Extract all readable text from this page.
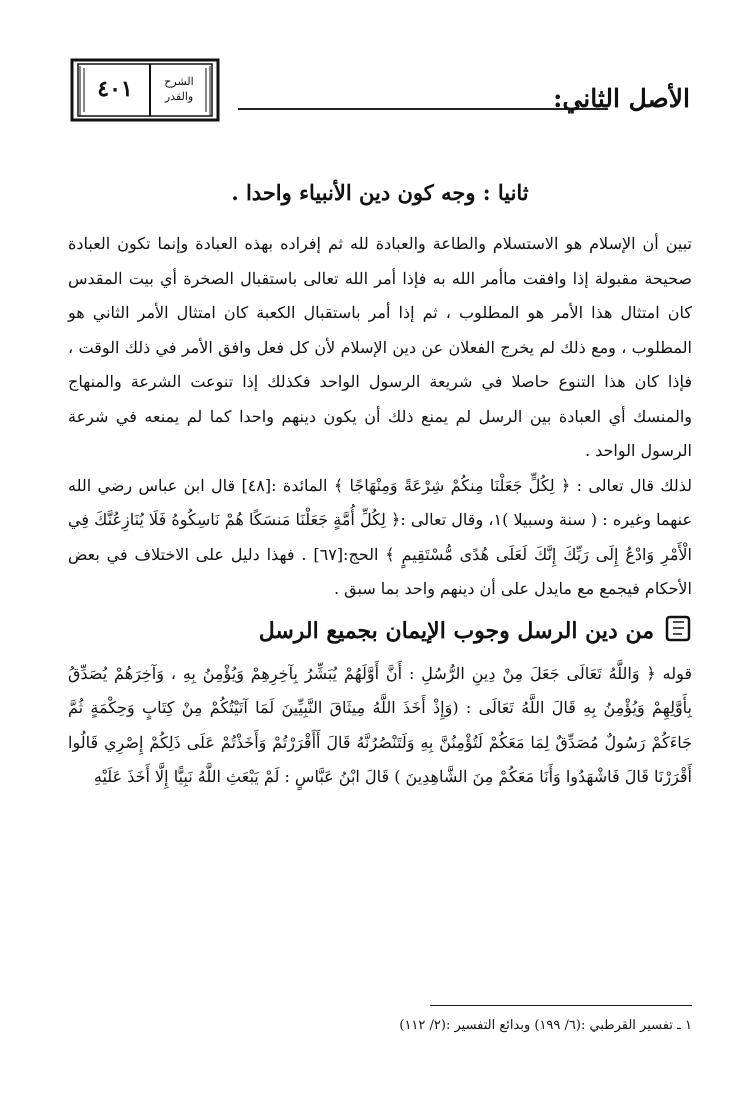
٤٠١	الشرح
والقدر	الأصل الثاني:
ثانيا : وجه كون دين الأنبياء واحدا .

تبين أن الإسلام هو الاستسلام والطاعة والعبادة لله ثم إفراده بهذه العبادة وإنما تكون العبادة صحيحة مقبولة إذا وافقت ماأمر الله به فإذا أمر الله تعالى باستقبال الصخرة أي بيت المقدس كان امتثال هذا الأمر هو المطلوب ، ثم إذا أمر باستقبال الكعبة كان امتثال الأمر الثاني هو المطلوب ، ومع ذلك لم يخرج الفعلان عن دين الإسلام لأن كل فعل وافق الأمر في ذلك الوقت ، فإذا كان هذا التنوع حاصلا في شريعة الرسول الواحد فكذلك إذا تنوعت الشرعة والمنهاج والمنسك أي العبادة بين الرسل لم يمنع ذلك أن يكون دينهم واحدا كما لم يمنعه في شرعة الرسول الواحد .

لذلك قال تعالى : ﴿ لِكُلٍّ جَعَلْنَا مِنكُمْ شِرْعَةً وَمِنْهَاجًا ﴾ المائدة :[٤٨] قال ابن عباس رضي الله عنهما وغيره : ( سنة وسبيلا )١، وقال تعالى :﴿ لِكُلِّ أُمَّةٍ جَعَلْنَا مَنسَكًا هُمْ نَاسِكُوهُ فَلَا يُنَازِعُنَّكَ فِي الْأَمْرِ وَادْعُ إِلَى رَبِّكَ إِنَّكَ لَعَلَى هُدًى مُّسْتَقِيمٍ ﴾ الحج:[٦٧] . فهذا دليل على الاختلاف في بعض الأحكام فيجمع مع مايدل على أن دينهم واحد بما سبق .

من دين الرسل وجوب الإيمان بجميع الرسل

قوله ﴿ وَاللَّهُ تَعَالَى جَعَلَ مِنْ دِينِ الرُّسُلِ : أَنَّ أَوَّلَهُمْ يُبَشِّرُ بِآخِرِهِمْ وَيُؤْمِنُ بِهِ ، وَآخِرَهُمْ يُصَدِّقُ بِأَوَّلِهِمْ وَيُؤْمِنُ بِهِ قَالَ اللَّهُ تَعَالَى : (وَإِذْ أَخَذَ اللَّهُ مِيثَاقَ النَّبِيِّينَ لَمَا آتَيْتُكُمْ مِنْ كِتَابٍ وَحِكْمَةٍ ثُمَّ جَاءَكُمْ رَسُولٌ مُصَدِّقٌ لِمَا مَعَكُمْ لَتُؤْمِنُنَّ بِهِ وَلَتَنْصُرُنَّهُ قَالَ أَأَقْرَرْتُمْ وَأَخَذْتُمْ عَلَى ذَلِكُمْ إِصْرِي قَالُوا أَقْرَرْنَا قَالَ فَاشْهَدُوا وَأَنَا مَعَكُمْ مِنَ الشَّاهِدِينَ ) قَالَ ابْنُ عَبَّاسٍ : لَمْ يَبْعَثِ اللَّهُ نَبِيًّا إِلَّا أَخَذَ عَلَيْهِ

١ ـ تفسير القرطبي :(٦/ ١٩٩) وبدائع التفسير :(٢/ ١١٢)
